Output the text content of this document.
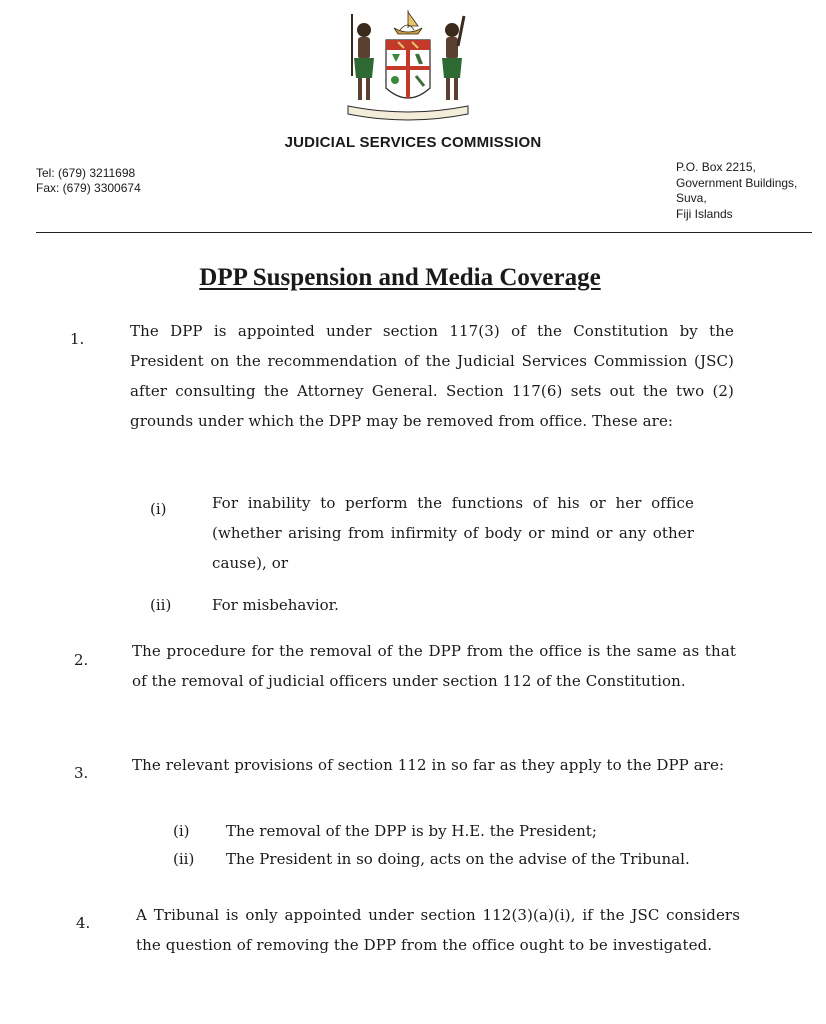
JUDICIAL SERVICES COMMISSION
Tel: (679) 3211698
Fax: (679) 3300674
P.O. Box 2215,
Government Buildings,
Suva,
Fiji Islands
DPP Suspension and Media Coverage
1.	The DPP is appointed under section 117(3) of the Constitution by the President on the recommendation of the Judicial Services Commission (JSC) after consulting the Attorney General. Section 117(6) sets out the two (2) grounds under which the DPP may be removed from office. These are:
(i)	For inability to perform the functions of his or her office (whether arising from infirmity of body or mind or any other cause), or
(ii)	For misbehavior.
2.	The procedure for the removal of the DPP from the office is the same as that of the removal of judicial officers under section 112 of the Constitution.
3.	The relevant provisions of section 112 in so far as they apply to the DPP are:
(i) The removal of the DPP is by H.E. the President;
(ii) The President in so doing, acts on the advise of the Tribunal.
4.	A Tribunal is only appointed under section 112(3)(a)(i), if the JSC considers the question of removing the DPP from the office ought to be investigated.
